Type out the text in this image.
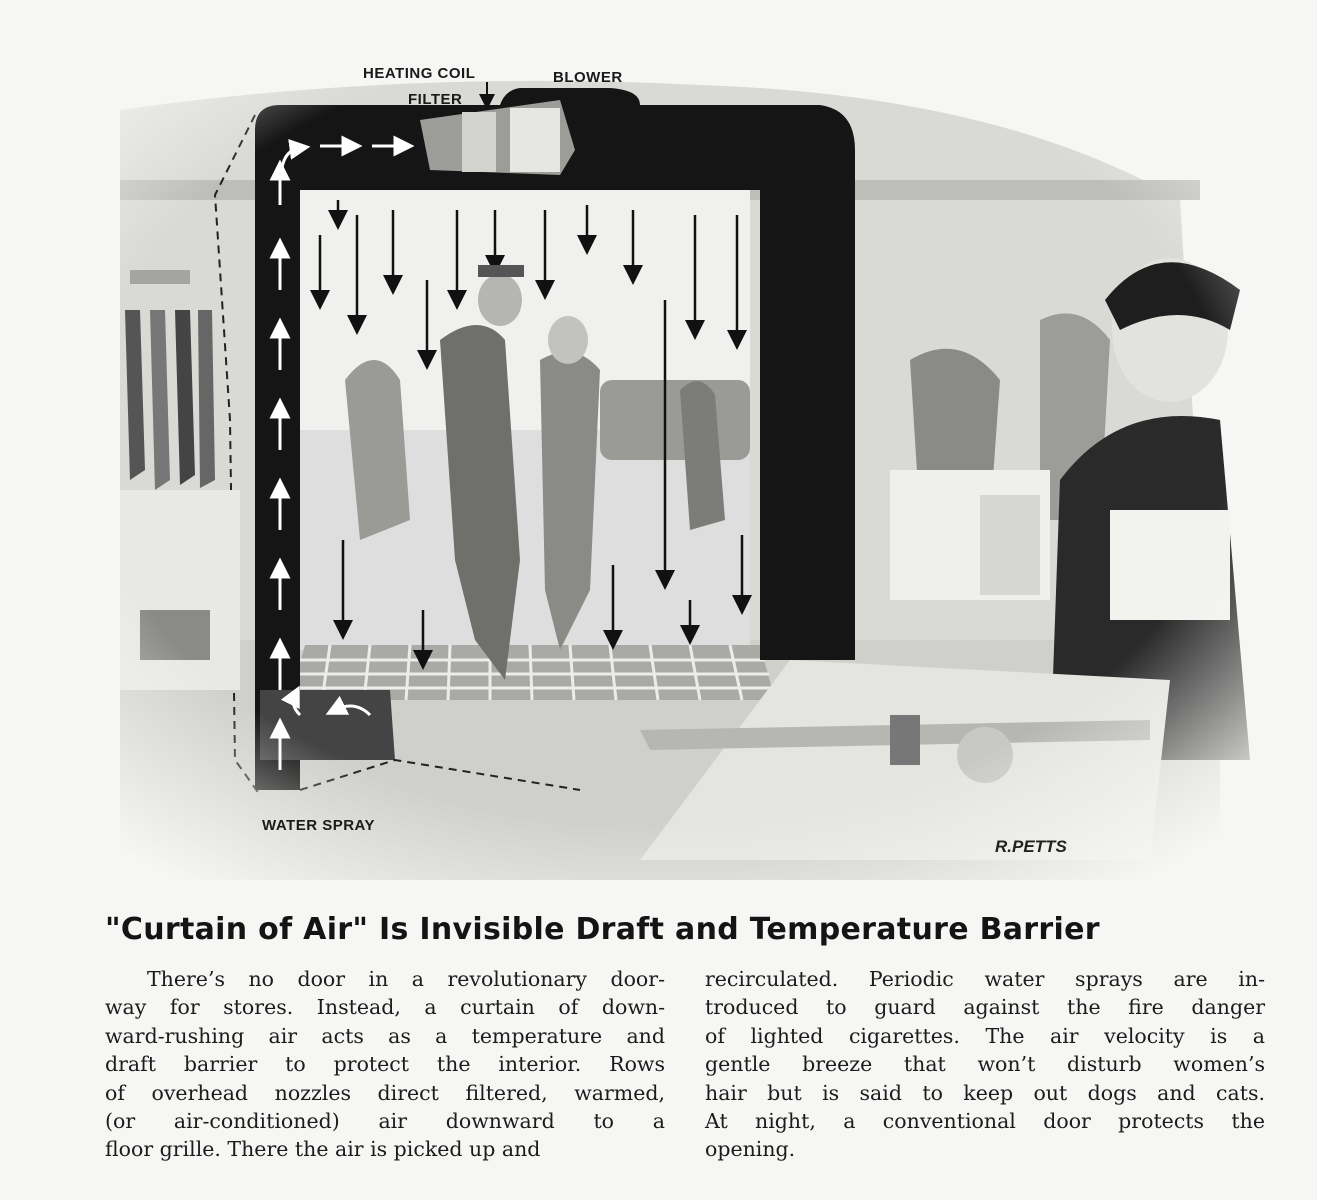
HEATING COIL
FILTER
BLOWER
WATER SPRAY
R.PETTS
"Curtain of Air" Is Invisible Draft and Temperature Barrier
There’s no door in a revolutionary door-
way for stores. Instead, a curtain of down-
ward-rushing air acts as a temperature and
draft barrier to protect the interior. Rows
of overhead nozzles direct filtered, warmed,
(or air-conditioned) air downward to a
floor grille. There the air is picked up and
recirculated. Periodic water sprays are in-
troduced to guard against the fire danger
of lighted cigarettes. The air velocity is a
gentle breeze that won’t disturb women’s
hair but is said to keep out dogs and cats.
At night, a conventional door protects the
opening.
